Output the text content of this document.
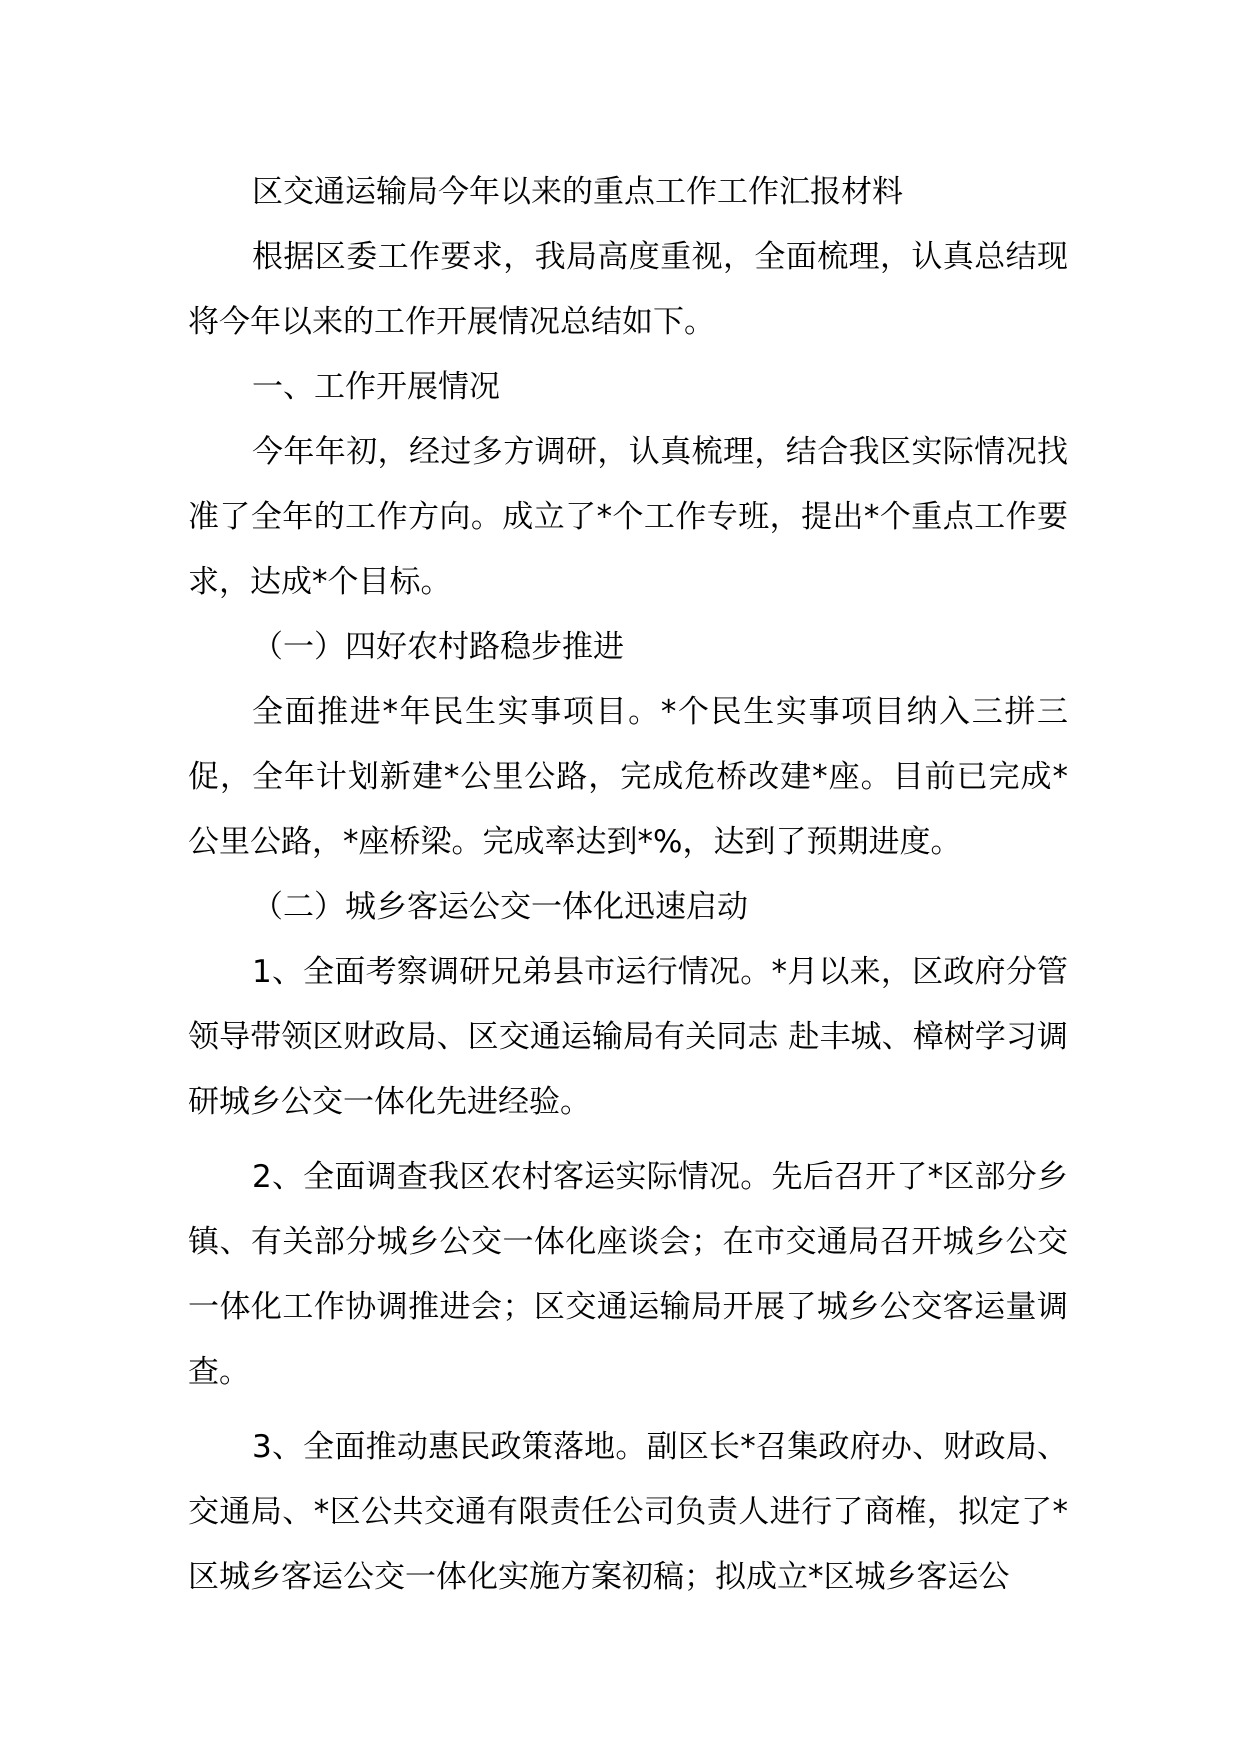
区交通运输局今年以来的重点工作工作汇报材料

根据区委工作要求，我局高度重视，全面梳理，认真总结现将今年以来的工作开展情况总结如下。

一、工作开展情况

今年年初，经过多方调研，认真梳理，结合我区实际情况找准了全年的工作方向。成立了*个工作专班，提出*个重点工作要求，达成*个目标。

（一）四好农村路稳步推进

全面推进*年民生实事项目。*个民生实事项目纳入三拼三促，全年计划新建*公里公路，完成危桥改建*座。目前已完成*公里公路，*座桥梁。完成率达到*%，达到了预期进度。

（二）城乡客运公交一体化迅速启动

1、全面考察调研兄弟县市运行情况。*月以来，区政府分管领导带领区财政局、区交通运输局有关同志 赴丰城、樟树学习调研城乡公交一体化先进经验。

2、全面调查我区农村客运实际情况。先后召开了*区部分乡镇、有关部分城乡公交一体化座谈会；在市交通局召开城乡公交一体化工作协调推进会；区交通运输局开展了城乡公交客运量调查。

3、全面推动惠民政策落地。副区长*召集政府办、财政局、交通局、*区公共交通有限责任公司负责人进行了商榷，拟定了*区城乡客运公交一体化实施方案初稿；拟成立*区城乡客运公
